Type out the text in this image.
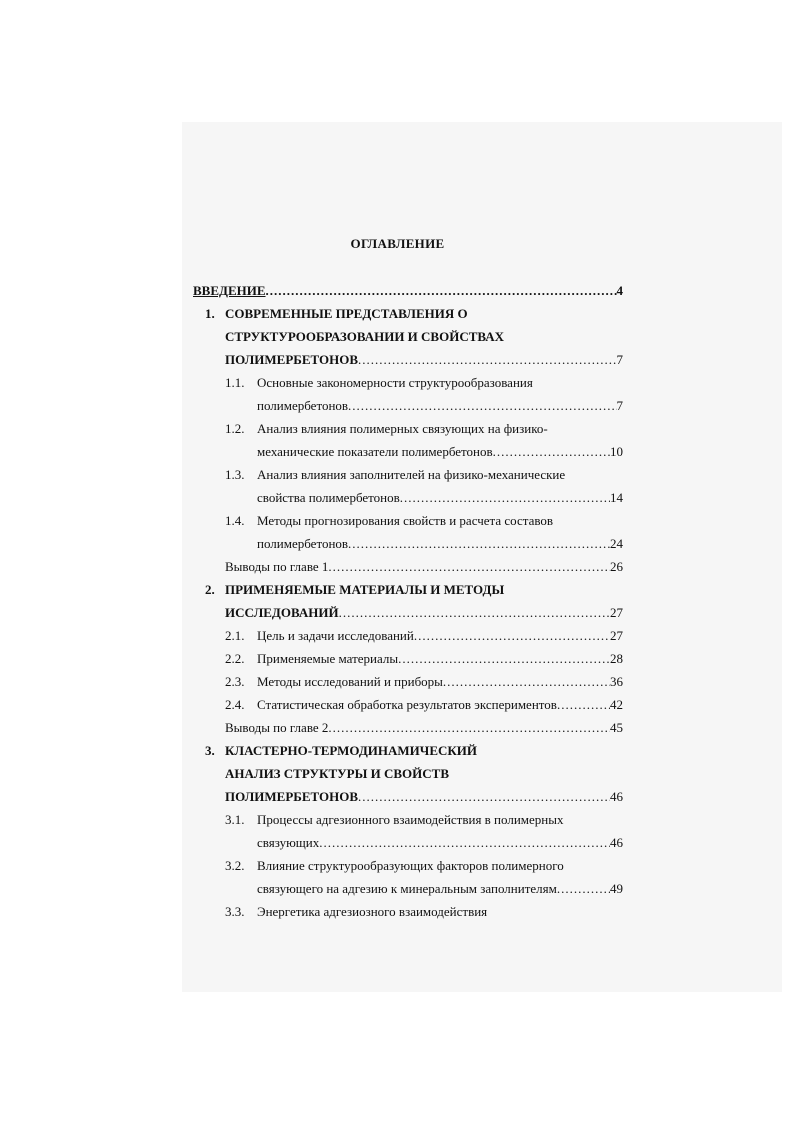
ОГЛАВЛЕНИЕ
ВВЕДЕНИЕ .....	4
1. СОВРЕМЕННЫЕ ПРЕДСТАВЛЕНИЯ О
СТРУКТУРООБРАЗОВАНИИ И СВОЙСТВАХ
ПОЛИМЕРБЕТОНОВ .....	7
1.1. Основные закономерности структурообразования
полимербетонов .....	7
1.2. Анализ влияния полимерных связующих на физико-
механические показатели полимербетонов .....	10
1.3. Анализ влияния заполнителей на физико-механические
свойства полимербетонов .....	14
1.4. Методы прогнозирования свойств и расчета составов
полимербетонов .....	24
Выводы по главе 1 .....	26
2. ПРИМЕНЯЕМЫЕ МАТЕРИАЛЫ И МЕТОДЫ
ИССЛЕДОВАНИЙ .....	27
2.1. Цель и задачи исследований .....	27
2.2. Применяемые материалы .....	28
2.3. Методы исследований и приборы .....	36
2.4. Статистическая обработка результатов экспериментов .....	42
Выводы по главе 2 .....	45
3. КЛАСТЕРНО-ТЕРМОДИНАМИЧЕСКИЙ
АНАЛИЗ СТРУКТУРЫ И СВОЙСТВ
ПОЛИМЕРБЕТОНОВ .....	46
3.1. Процессы адгезионного взаимодействия в полимерных
связующих .....	46
3.2. Влияние структурообразующих факторов полимерного
связующего на адгезию к минеральным заполнителям .....	49
3.3. Энергетика адгезиозного взаимодействия
